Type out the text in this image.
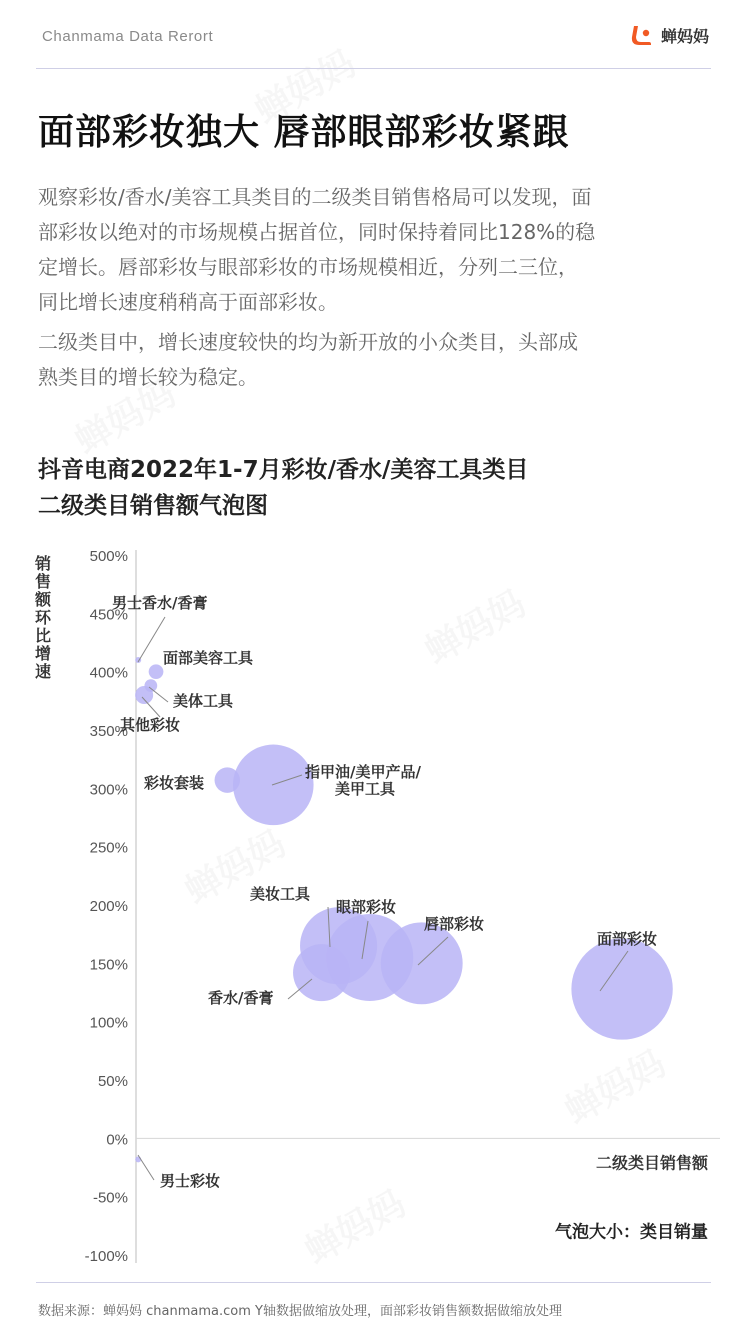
Chanmama Data Rerort	蝉妈妈
面部彩妆独大 唇部眼部彩妆紧跟
观察彩妆/香水/美容工具类目的二级类目销售格局可以发现，面
部彩妆以绝对的市场规模占据首位，同时保持着同比128%的稳
定增长。唇部彩妆与眼部彩妆的市场规模相近，分列二三位，
同比增长速度稍稍高于面部彩妆。
二级类目中，增长速度较快的均为新开放的小众类目，头部成
熟类目的增长较为稳定。
抖音电商2022年1-7月彩妆/香水/美容工具类目
二级类目销售额气泡图
500%
450%
400%
350%
300%
250%
200%
150%
100%
50%
0%
-50%
-100%
销售额环比增速
二级类目销售额
气泡大小：类目销量
男士香水/香膏
面部美容工具
美体工具
其他彩妆
彩妆套装
指甲油/美甲产品/
美甲工具
美妆工具
眼部彩妆
唇部彩妆
香水/香膏
面部彩妆
男士彩妆
数据来源：蝉妈妈 chanmama.com Y轴数据做缩放处理，面部彩妆销售额数据做缩放处理
